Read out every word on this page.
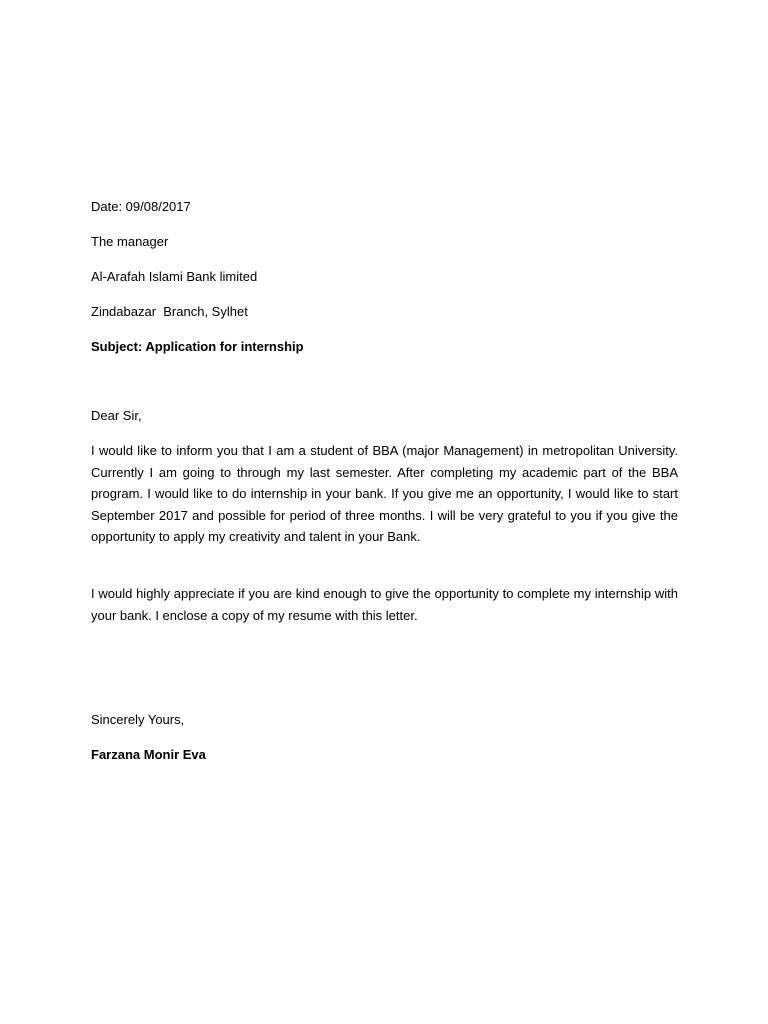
Date: 09/08/2017
The manager
Al-Arafah Islami Bank limited
Zindabazar  Branch, Sylhet
Subject: Application for internship
Dear Sir,
I would like to inform you that I am a student of BBA (major Management) in metropolitan University. Currently I am going to through my last semester. After completing my academic part of the BBA program. I would like to do internship in your bank. If you give me an opportunity, I would like to start September 2017 and possible for period of three months. I will be very grateful to you if you give the opportunity to apply my creativity and talent in your Bank.
I would highly appreciate if you are kind enough to give the opportunity to complete my internship with your bank. I enclose a copy of my resume with this letter.
Sincerely Yours,
Farzana Monir Eva
